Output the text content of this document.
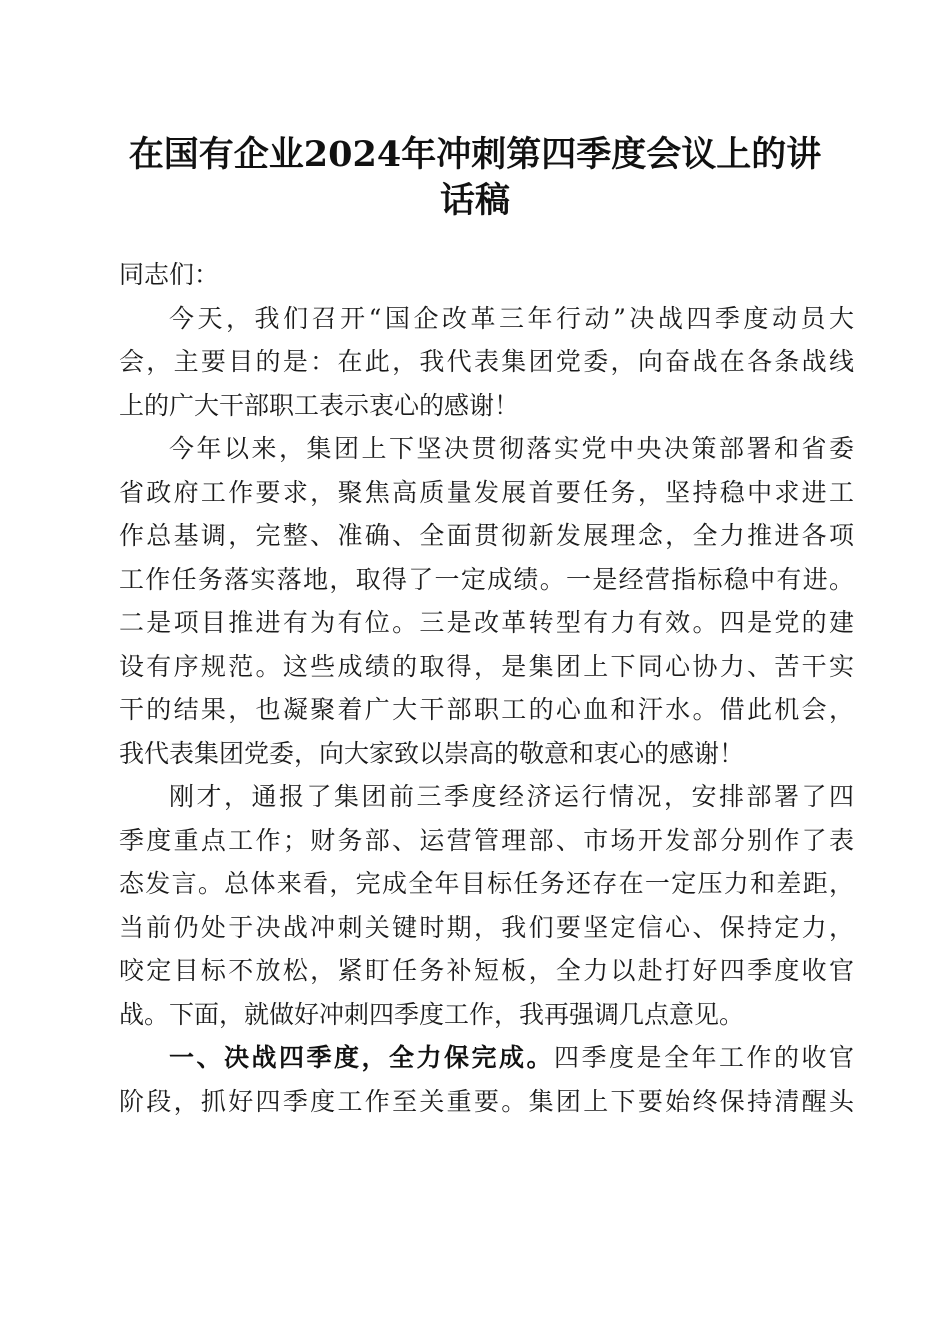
在国有企业2024年冲刺第四季度会议上的讲
话稿
同志们：
今天，我们召开“国企改革三年行动”决战四季度动员大
会，主要目的是：在此，我代表集团党委，向奋战在各条战线
上的广大干部职工表示衷心的感谢！
今年以来，集团上下坚决贯彻落实党中央决策部署和省委
省政府工作要求，聚焦高质量发展首要任务，坚持稳中求进工
作总基调，完整、准确、全面贯彻新发展理念，全力推进各项
工作任务落实落地，取得了一定成绩。一是经营指标稳中有进。
二是项目推进有为有位。三是改革转型有力有效。四是党的建
设有序规范。这些成绩的取得，是集团上下同心协力、苦干实
干的结果，也凝聚着广大干部职工的心血和汗水。借此机会，
我代表集团党委，向大家致以崇高的敬意和衷心的感谢！
刚才，通报了集团前三季度经济运行情况，安排部署了四
季度重点工作；财务部、运营管理部、市场开发部分别作了表
态发言。总体来看，完成全年目标任务还存在一定压力和差距，
当前仍处于决战冲刺关键时期，我们要坚定信心、保持定力，
咬定目标不放松，紧盯任务补短板，全力以赴打好四季度收官
战。下面，就做好冲刺四季度工作，我再强调几点意见。
一、决战四季度，全力保完成。四季度是全年工作的收官
阶段，抓好四季度工作至关重要。集团上下要始终保持清醒头
